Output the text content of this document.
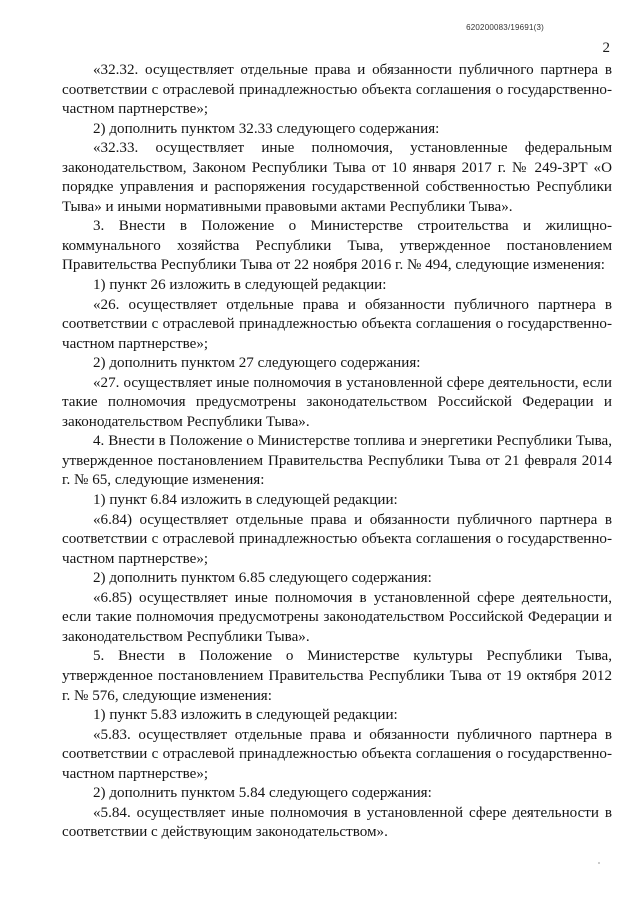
620200083/19691(3)
2

«32.32. осуществляет отдельные права и обязанности публичного партнера в соответствии с отраслевой принадлежностью объекта соглашения о государственно-частном партнерстве»;

2) дополнить пунктом 32.33 следующего содержания:

«32.33. осуществляет иные полномочия, установленные федеральным законодательством, Законом Республики Тыва от 10 января 2017 г. № 249-ЗРТ «О порядке управления и распоряжения государственной собственностью Республики Тыва» и иными нормативными правовыми актами Республики Тыва».

3. Внести в Положение о Министерстве строительства и жилищно-коммунального хозяйства Республики Тыва, утвержденное постановлением Правительства Республики Тыва от 22 ноября 2016 г. № 494, следующие изменения:

1) пункт 26 изложить в следующей редакции:

«26. осуществляет отдельные права и обязанности публичного партнера в соответствии с отраслевой принадлежностью объекта соглашения о государственно-частном партнерстве»;

2) дополнить пунктом 27 следующего содержания:

«27. осуществляет иные полномочия в установленной сфере деятельности, если такие полномочия предусмотрены законодательством Российской Федерации и законодательством Республики Тыва».

4. Внести в Положение о Министерстве топлива и энергетики Республики Тыва, утвержденное постановлением Правительства Республики Тыва от 21 февраля 2014 г. № 65, следующие изменения:

1) пункт 6.84 изложить в следующей редакции:

«6.84) осуществляет отдельные права и обязанности публичного партнера в соответствии с отраслевой принадлежностью объекта соглашения о государственно-частном партнерстве»;

2) дополнить пунктом 6.85 следующего содержания:

«6.85) осуществляет иные полномочия в установленной сфере деятельности, если такие полномочия предусмотрены законодательством Российской Федерации и законодательством Республики Тыва».

5. Внести в Положение о Министерстве культуры Республики Тыва, утвержденное постановлением Правительства Республики Тыва от 19 октября 2012 г. № 576, следующие изменения:

1) пункт 5.83 изложить в следующей редакции:

«5.83. осуществляет отдельные права и обязанности публичного партнера в соответствии с отраслевой принадлежностью объекта соглашения о государственно-частном партнерстве»;

2) дополнить пунктом 5.84 следующего содержания:

«5.84. осуществляет иные полномочия в установленной сфере деятельности в соответствии с действующим законодательством».
